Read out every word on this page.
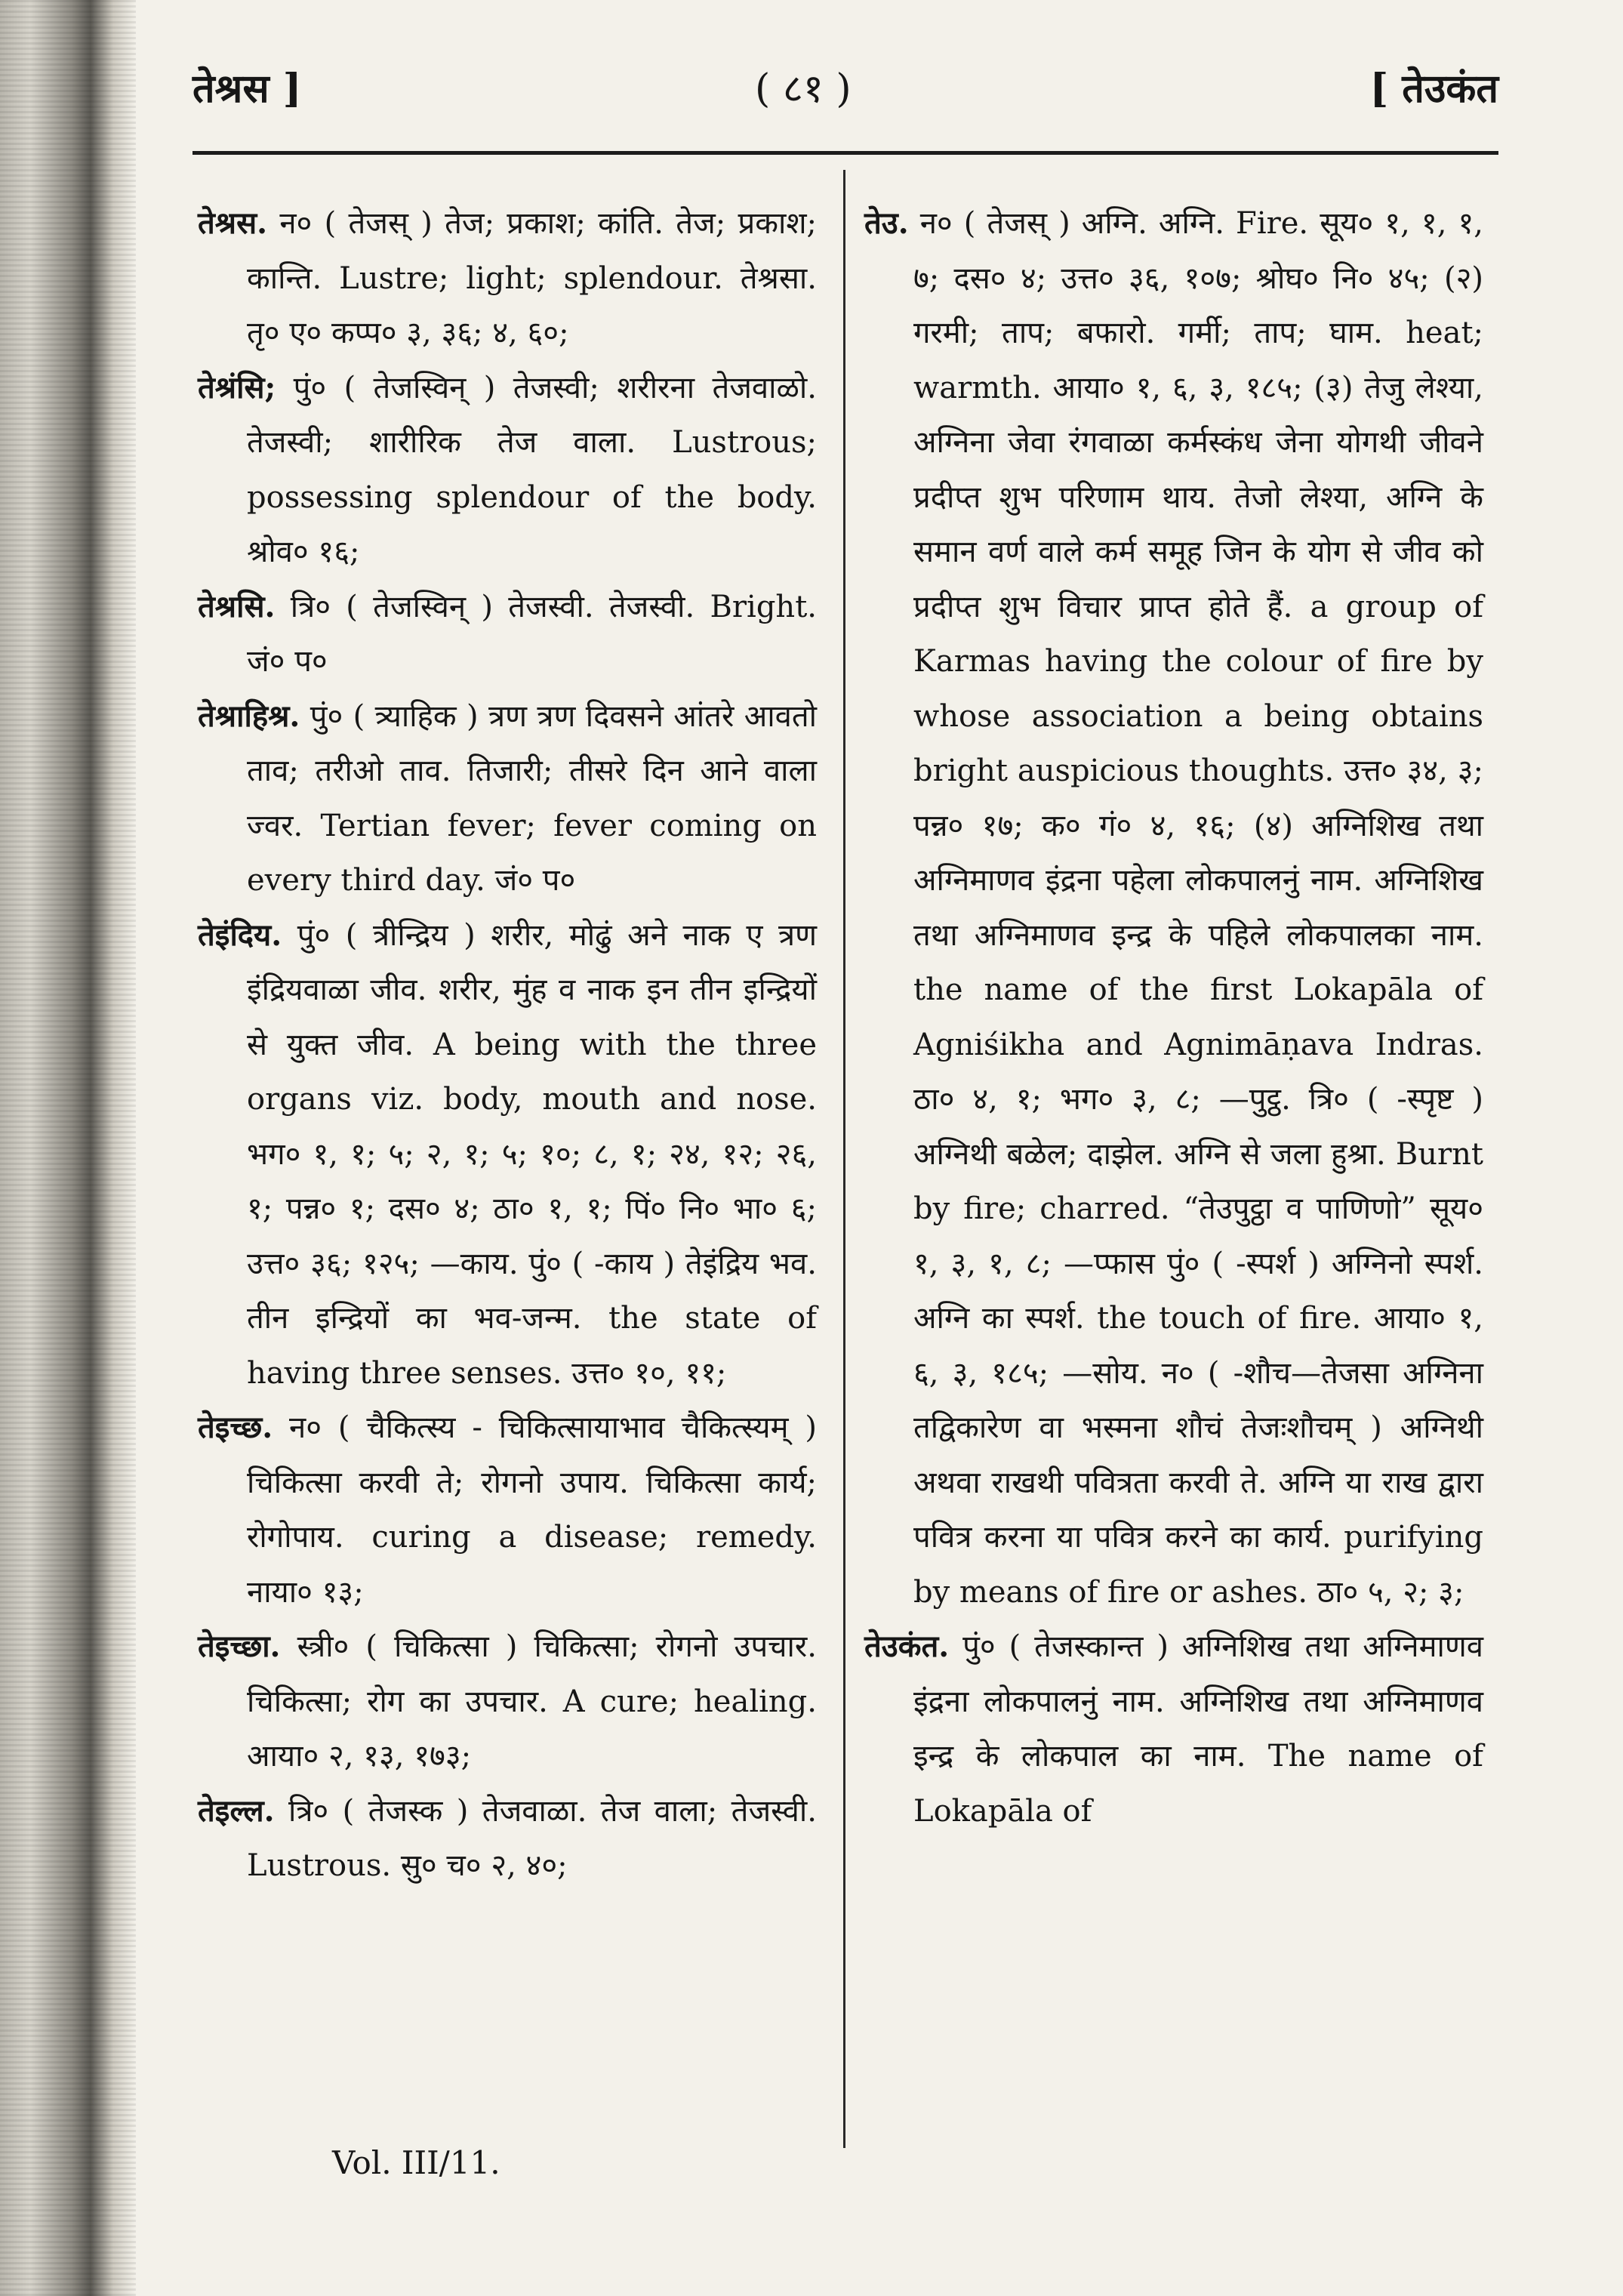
तेश्रस ]	( ८१ )	[ तेउकंत

तेश्रस. न० ( तेजस् ) तेज; प्रकाश; कांति. तेज; प्रकाश; कान्ति. Lustre; light; splendour. तेश्रसा. तृ० ए० कप्प० ३, ३६; ४, ६०;

तेश्रंसि; पुं० ( तेजस्विन् ) तेजस्वी; शरीरना तेजवाळो. तेजस्वी; शारीरिक तेज वाला. Lustrous; possessing splendour of the body. श्रोव० १६;

तेश्रसि. त्रि० ( तेजस्विन् ) तेजस्वी. तेजस्वी. Bright. जं० प०

तेश्राहिश्र. पुं० ( त्र्याहिक ) त्रण त्रण दिवसने आंतरे आवतो ताव; तरीओ ताव. तिजारी; तीसरे दिन आने वाला ज्वर. Tertian fever; fever coming on every third day. जं० प०

तेइंदिय. पुं० ( त्रीन्द्रिय ) शरीर, मोढुं अने नाक ए त्रण इंद्रियवाळा जीव. शरीर, मुंह व नाक इन तीन इन्द्रियों से युक्त जीव. A being with the three organs viz. body, mouth and nose. भग० १, १; ५; २, १; ५; १०; ८, १; २४, १२; २६, १; पन्न० १; दस० ४; ठा० १, १; पिं० नि० भा० ६; उत्त० ३६; १२५; —काय. पुं० ( -काय ) तेइंद्रिय भव. तीन इन्द्रियों का भव-जन्म. the state of having three senses. उत्त० १०, ११;

तेइच्छ. न० ( चैकित्स्य - चिकित्सायाभाव चैकित्स्यम् ) चिकित्सा करवी ते; रोगनो उपाय. चिकित्सा कार्य; रोगोपाय. curing a disease; remedy. नाया० १३;

तेइच्छा. स्त्री० ( चिकित्सा ) चिकित्सा; रोगनो उपचार. चिकित्सा; रोग का उपचार. A cure; healing. आया० २, १३, १७३;

तेइल्ल. त्रि० ( तेजस्क ) तेजवाळा. तेज वाला; तेजस्वी. Lustrous. सु० च० २, ४०;

तेउ. न० ( तेजस् ) अग्नि. अग्नि. Fire. सूय० १, १, १, ७; दस० ४; उत्त० ३६, १०७; श्रोघ० नि० ४५; (२) गरमी; ताप; बफारो. गर्मी; ताप; घाम. heat; warmth. आया० १, ६, ३, १८५; (३) तेजु लेश्या, अग्निना जेवा रंगवाळा कर्मस्कंध जेना योगथी जीवने प्रदीप्त शुभ परिणाम थाय. तेजो लेश्या, अग्नि के समान वर्ण वाले कर्म समूह जिन के योग से जीव को प्रदीप्त शुभ विचार प्राप्त होते हैं. a group of Karmas having the colour of fire by whose association a being obtains bright auspicious thoughts. उत्त० ३४, ३; पन्न० १७; क० गं० ४, १६; (४) अग्निशिख तथा अग्निमाणव इंद्रना पहेला लोकपालनुं नाम. अग्निशिख तथा अग्निमाणव इन्द्र के पहिले लोकपालका नाम. the name of the first Lokapāla of Agniśikha and Agnimāṇava Indras. ठा० ४, १; भग० ३, ८; —पुट्ठ. त्रि० ( -स्पृष्ट ) अग्निथी बळेल; दाझेल. अग्नि से जला हुश्रा. Burnt by fire; charred. “तेउपुट्ठा व पाणिणो” सूय० १, ३, १, ८; —प्फास पुं० ( -स्पर्श ) अग्निनो स्पर्श. अग्नि का स्पर्श. the touch of fire. आया० १, ६, ३, १८५; —सोय. न० ( -शौच—तेजसा अग्निना तद्विकारेण वा भस्मना शौचं तेजःशौचम् ) अग्निथी अथवा राखथी पवित्रता करवी ते. अग्नि या राख द्वारा पवित्र करना या पवित्र करने का कार्य. purifying by means of fire or ashes. ठा० ५, २; ३;

तेउकंत. पुं० ( तेजस्कान्त ) अग्निशिख तथा अग्निमाणव इंद्रना लोकपालनुं नाम. अग्निशिख तथा अग्निमाणव इन्द्र के लोकपाल का नाम. The name of Lokapāla of

Vol. III/11.
